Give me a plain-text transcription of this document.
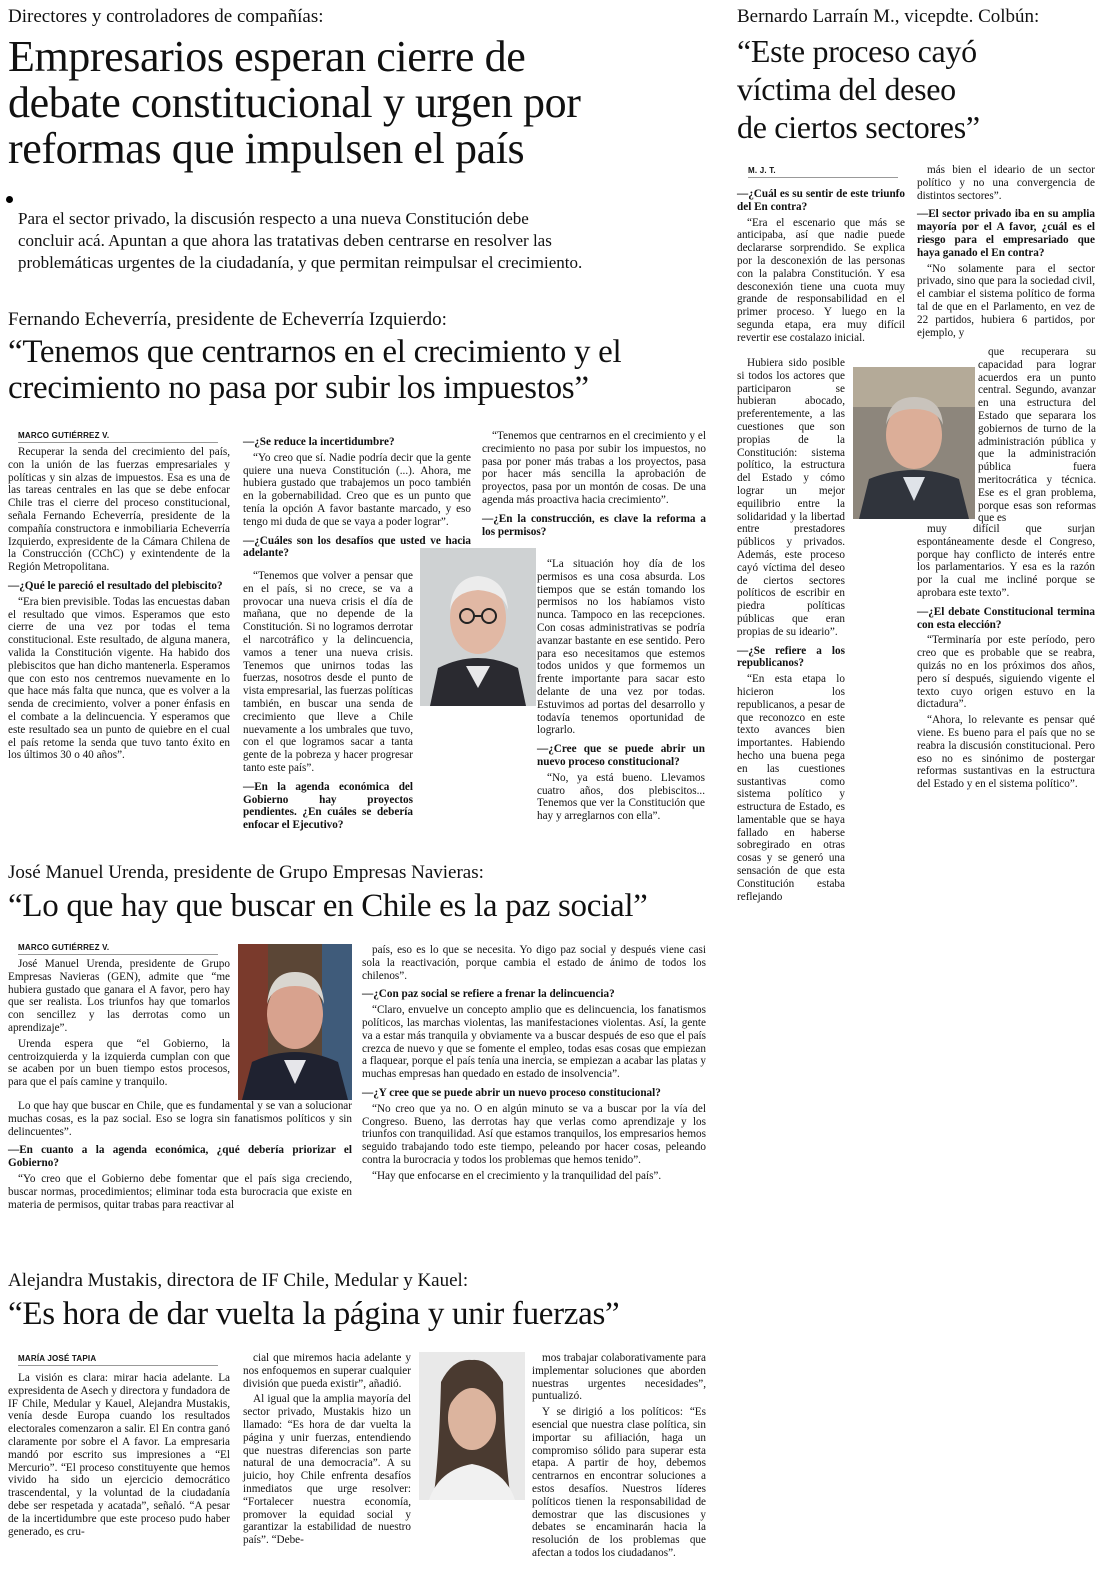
Directores y controladores de compañías:
Empresarios esperan cierre de
debate constitucional y urgen por
reformas que impulsen el país
Para el sector privado, la discusión respecto a una nueva Constitución debe
concluir acá. Apuntan a que ahora las tratativas deben centrarse en resolver las
problemáticas urgentes de la ciudadanía, y que permitan reimpulsar el crecimiento.
Fernando Echeverría, presidente de Echeverría Izquierdo:
“Tenemos que centrarnos en el crecimiento y el
crecimiento no pasa por subir los impuestos”
MARCO GUTIÉRREZ V.

Recuperar la senda del crecimiento del país, con la unión de las fuerzas empresariales y políticas y sin alzas de impuestos. Esa es una de las tareas centrales en las que se debe enfocar Chile tras el cierre del proceso constitucional, señala Fernando Echeverría, presidente de la compañía constructora e inmobiliaria Echeverría Izquierdo, expresidente de la Cámara Chilena de la Construcción (CChC) y exintendente de la Región Metropolitana.

—¿Qué le pareció el resultado del plebiscito?

“Era bien previsible. Todas las encuestas daban el resultado que vimos. Esperamos que esto cierre de una vez por todas el tema constitucional. Este resultado, de alguna manera, valida la Constitución vigente. Ha habido dos plebiscitos que han dicho mantenerla. Esperamos que con esto nos centremos nuevamente en lo que hace más falta que nunca, que es volver a la senda de crecimiento, volver a poner énfasis en el combate a la delincuencia. Y esperamos que este resultado sea un punto de quiebre en el cual el país retome la senda que tuvo tanto éxito en los últimos 30 o 40 años”.

—¿Se reduce la incertidumbre?

“Yo creo que sí. Nadie podría decir que la gente quiere una nueva Constitución (...). Ahora, me hubiera gustado que trabajemos un poco también en la gobernabilidad. Creo que es un punto que tenía la opción A favor bastante marcado, y eso tengo mi duda de que se vaya a poder lograr”.

—¿Cuáles son los desafíos que usted ve hacia adelante?

“Tenemos que volver a pensar que en el país, si no crece, se va a provocar una nueva crisis el día de mañana, que no depende de la Constitución. Si no logramos derrotar el narcotráfico y la delincuencia, vamos a tener una nueva crisis. Tenemos que unirnos todas las fuerzas, nosotros desde el punto de vista empresarial, las fuerzas políticas también, en buscar una senda de crecimiento que lleve a Chile nuevamente a los umbrales que tuvo, con el que logramos sacar a tanta gente de la pobreza y hacer progresar tanto este país”.

—En la agenda económica del Gobierno hay proyectos pendientes. ¿En cuáles se debería enfocar el Ejecutivo?

“Tenemos que centrarnos en el crecimiento y el crecimiento no pasa por subir los impuestos, no pasa por poner más trabas a los proyectos, pasa por hacer más sencilla la aprobación de proyectos, pasa por un montón de cosas. De una agenda más proactiva hacia crecimiento”.

—¿En la construcción, es clave la reforma a los permisos?

“La situación hoy día de los permisos es una cosa absurda. Los tiempos que se están tomando los permisos no los habíamos visto nunca. Tampoco en las recepciones. Con cosas administrativas se podría avanzar bastante en ese sentido. Pero para eso necesitamos que estemos todos unidos y que formemos un frente importante para sacar esto delante de una vez por todas. Estuvimos ad portas del desarrollo y todavía tenemos oportunidad de lograrlo.

—¿Cree que se puede abrir un nuevo proceso constitucional?

“No, ya está bueno. Llevamos cuatro años, dos plebiscitos... Tenemos que ver la Constitución que hay y arreglarnos con ella”.

Bernardo Larraín M., vicepdte. Colbún:
“Este proceso cayó
víctima del deseo
de ciertos sectores”
M. J. T.

—¿Cuál es su sentir de este triunfo del En contra?

“Era el escenario que más se anticipaba, así que nadie puede declararse sorprendido. Se explica por la desconexión de las personas con la palabra Constitución. Y esa desconexión tiene una cuota muy grande de responsabilidad en el primer proceso. Y luego en la segunda etapa, era muy difícil revertir ese costalazo inicial.

Hubiera sido posible si todos los actores que participaron se hubieran abocado, preferentemente, a las cuestiones que son propias de la Constitución: sistema político, la estructura del Estado y cómo lograr un mejor equilibrio entre la solidaridad y la libertad entre prestadores públicos y privados. Además, este proceso cayó víctima del deseo de ciertos sectores políticos de escribir en piedra políticas públicas que eran propias de su ideario”.

—¿Se refiere a los republicanos?

“En esta etapa lo hicieron los republicanos, a pesar de que reconozco en este texto avances bien importantes. Habiendo hecho una buena pega en las cuestiones sustantivas como sistema político y estructura de Estado, es lamentable que se haya fallado en haberse sobregirado en otras cosas y se generó una sensación de que esta Constitución estaba reflejando

más bien el ideario de un sector político y no una convergencia de distintos sectores”.

—El sector privado iba en su amplia mayoría por el A favor, ¿cuál es el riesgo para el empresariado que haya ganado el En contra?

“No solamente para el sector privado, sino que para la sociedad civil, el cambiar el sistema político de forma tal de que en el Parlamento, en vez de 22 partidos, hubiera 6 partidos, por ejemplo, y

que recuperara su capacidad para lograr acuerdos era un punto central. Segundo, avanzar en una estructura del Estado que separara los gobiernos de turno de la administración pública y que la administración pública fuera meritocrática y técnica. Ese es el gran problema, porque esas son reformas que es

muy difícil que surjan espontáneamente desde el Congreso, porque hay conflicto de interés entre los parlamentarios. Y esa es la razón por la cual me incliné porque se aprobara este texto”.

—¿El debate Constitucional termina con esta elección?

“Terminaría por este período, pero creo que es probable que se reabra, quizás no en los próximos dos años, pero sí después, siguiendo vigente el texto cuyo origen estuvo en la dictadura”.

“Ahora, lo relevante es pensar qué viene. Es bueno para el país que no se reabra la discusión constitucional. Pero eso no es sinónimo de postergar reformas sustantivas en la estructura del Estado y en el sistema político”.

José Manuel Urenda, presidente de Grupo Empresas Navieras:
“Lo que hay que buscar en Chile es la paz social”
MARCO GUTIÉRREZ V.

José Manuel Urenda, presidente de Grupo Empresas Navieras (GEN), admite que “me hubiera gustado que ganara el A favor, pero hay que ser realista. Los triunfos hay que tomarlos con sencillez y las derrotas como un aprendizaje”.

Urenda espera que “el Gobierno, la centroizquierda y la izquierda cumplan con que se acaben por un buen tiempo estos procesos, para que el país camine y tranquilo.

Lo que hay que buscar en Chile, que es fundamental y se van a solucionar muchas cosas, es la paz social. Eso se logra sin fanatismos políticos y sin delincuentes”.

—En cuanto a la agenda económica, ¿qué debería priorizar el Gobierno?

“Yo creo que el Gobierno debe fomentar que el país siga creciendo, buscar normas, procedimientos; eliminar toda esta burocracia que existe en materia de permisos, quitar trabas para reactivar al

país, eso es lo que se necesita. Yo digo paz social y después viene casi sola la reactivación, porque cambia el estado de ánimo de todos los chilenos”.

—¿Con paz social se refiere a frenar la delincuencia?

“Claro, envuelve un concepto amplio que es delincuencia, los fanatismos políticos, las marchas violentas, las manifestaciones violentas. Así, la gente va a estar más tranquila y obviamente va a buscar después de eso que el país crezca de nuevo y que se fomente el empleo, todas esas cosas que empiezan a flaquear, porque el país tenía una inercia, se empiezan a acabar las platas y muchas empresas han quedado en estado de insolvencia”.

—¿Y cree que se puede abrir un nuevo proceso constitucional?

“No creo que ya no. O en algún minuto se va a buscar por la vía del Congreso. Bueno, las derrotas hay que verlas como aprendizaje y los triunfos con tranquilidad. Así que estamos tranquilos, los empresarios hemos seguido trabajando todo este tiempo, peleando por hacer cosas, peleando contra la burocracia y todos los problemas que hemos tenido”.

“Hay que enfocarse en el crecimiento y la tranquilidad del país”.

Alejandra Mustakis, directora de IF Chile, Medular y Kauel:
“Es hora de dar vuelta la página y unir fuerzas”
MARÍA JOSÉ TAPIA

La visión es clara: mirar hacia adelante. La expresidenta de Asech y directora y fundadora de IF Chile, Medular y Kauel, Alejandra Mustakis, venía desde Europa cuando los resultados electorales comenzaron a salir. El En contra ganó claramente por sobre el A favor. La empresaria mandó por escrito sus impresiones a “El Mercurio”. “El proceso constituyente que hemos vivido ha sido un ejercicio democrático trascendental, y la voluntad de la ciudadanía debe ser respetada y acatada”, señaló. “A pesar de la incertidumbre que este proceso pudo haber generado, es cru-

cial que miremos hacia adelante y nos enfoquemos en superar cualquier división que pueda existir”, añadió.

Al igual que la amplia mayoría del sector privado, Mustakis hizo un llamado: “Es hora de dar vuelta la página y unir fuerzas, entendiendo que nuestras diferencias son parte natural de una democracia”. A su juicio, hoy Chile enfrenta desafíos inmediatos que urge resolver: “Fortalecer nuestra economía, promover la equidad social y garantizar la estabilidad de nuestro país”. “Debe-

mos trabajar colaborativamente para implementar soluciones que aborden nuestras urgentes necesidades”, puntualizó.

Y se dirigió a los políticos: “Es esencial que nuestra clase política, sin importar su afiliación, haga un compromiso sólido para superar esta etapa. A partir de hoy, debemos centrarnos en encontrar soluciones a estos desafíos. Nuestros líderes políticos tienen la responsabilidad de demostrar que las discusiones y debates se encaminarán hacia la resolución de los problemas que afectan a todos los ciudadanos”.
